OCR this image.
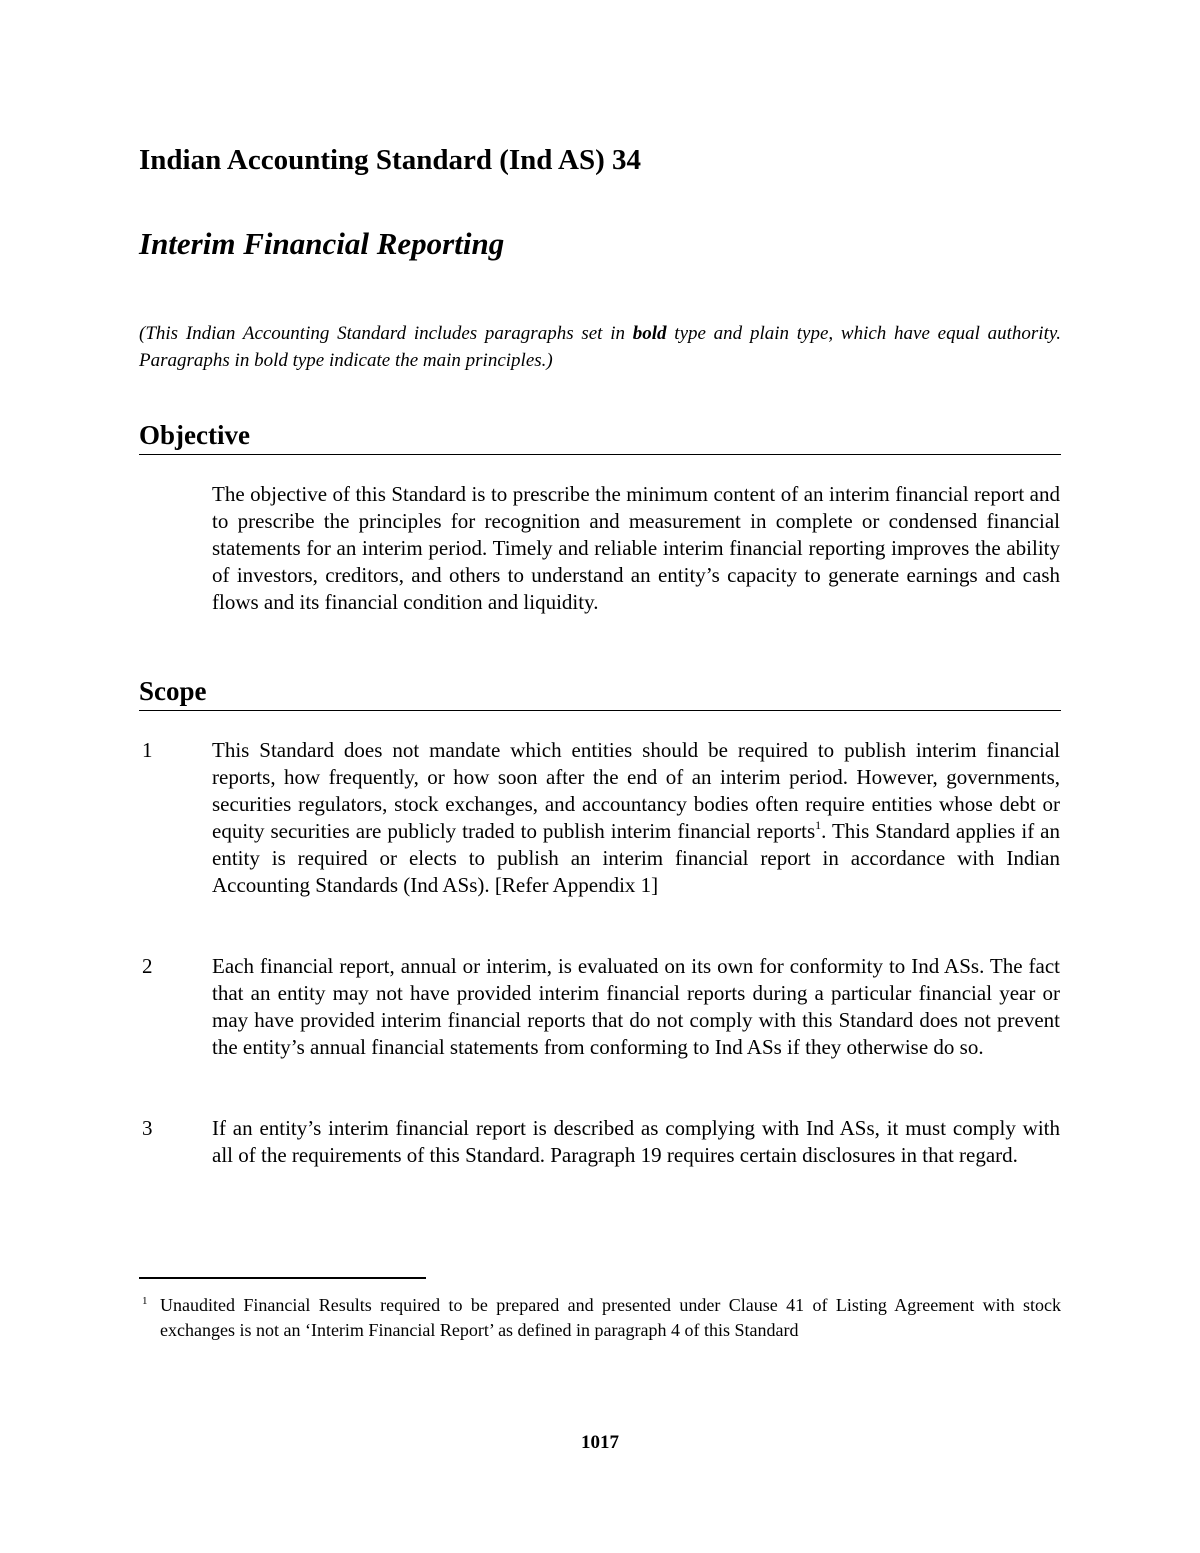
Indian Accounting Standard (Ind AS) 34
Interim Financial Reporting

(This Indian Accounting Standard includes paragraphs set in bold type and plain type, which have equal authority. Paragraphs in bold type indicate the main principles.)

Objective

The objective of this Standard is to prescribe the minimum content of an interim financial report and to prescribe the principles for recognition and measurement in complete or condensed financial statements for an interim period. Timely and reliable interim financial reporting improves the ability of investors, creditors, and others to understand an entity’s capacity to generate earnings and cash flows and its financial condition and liquidity.

Scope

1	This Standard does not mandate which entities should be required to publish interim financial reports, how frequently, or how soon after the end of an interim period. However, governments, securities regulators, stock exchanges, and accountancy bodies often require entities whose debt or equity securities are publicly traded to publish interim financial reports$^1$. This Standard applies if an entity is required or elects to publish an interim financial report in accordance with Indian Accounting Standards (Ind ASs). [Refer Appendix 1]

2	Each financial report, annual or interim, is evaluated on its own for conformity to Ind ASs. The fact that an entity may not have provided interim financial reports during a particular financial year or may have provided interim financial reports that do not comply with this Standard does not prevent the entity’s annual financial statements from conforming to Ind ASs if they otherwise do so.

3	If an entity’s interim financial report is described as complying with Ind ASs, it must comply with all of the requirements of this Standard. Paragraph 19 requires certain disclosures in that regard.

1 Unaudited Financial Results required to be prepared and presented under Clause 41 of Listing Agreement with stock exchanges is not an ‘Interim Financial Report’ as defined in paragraph 4 of this Standard

1017
